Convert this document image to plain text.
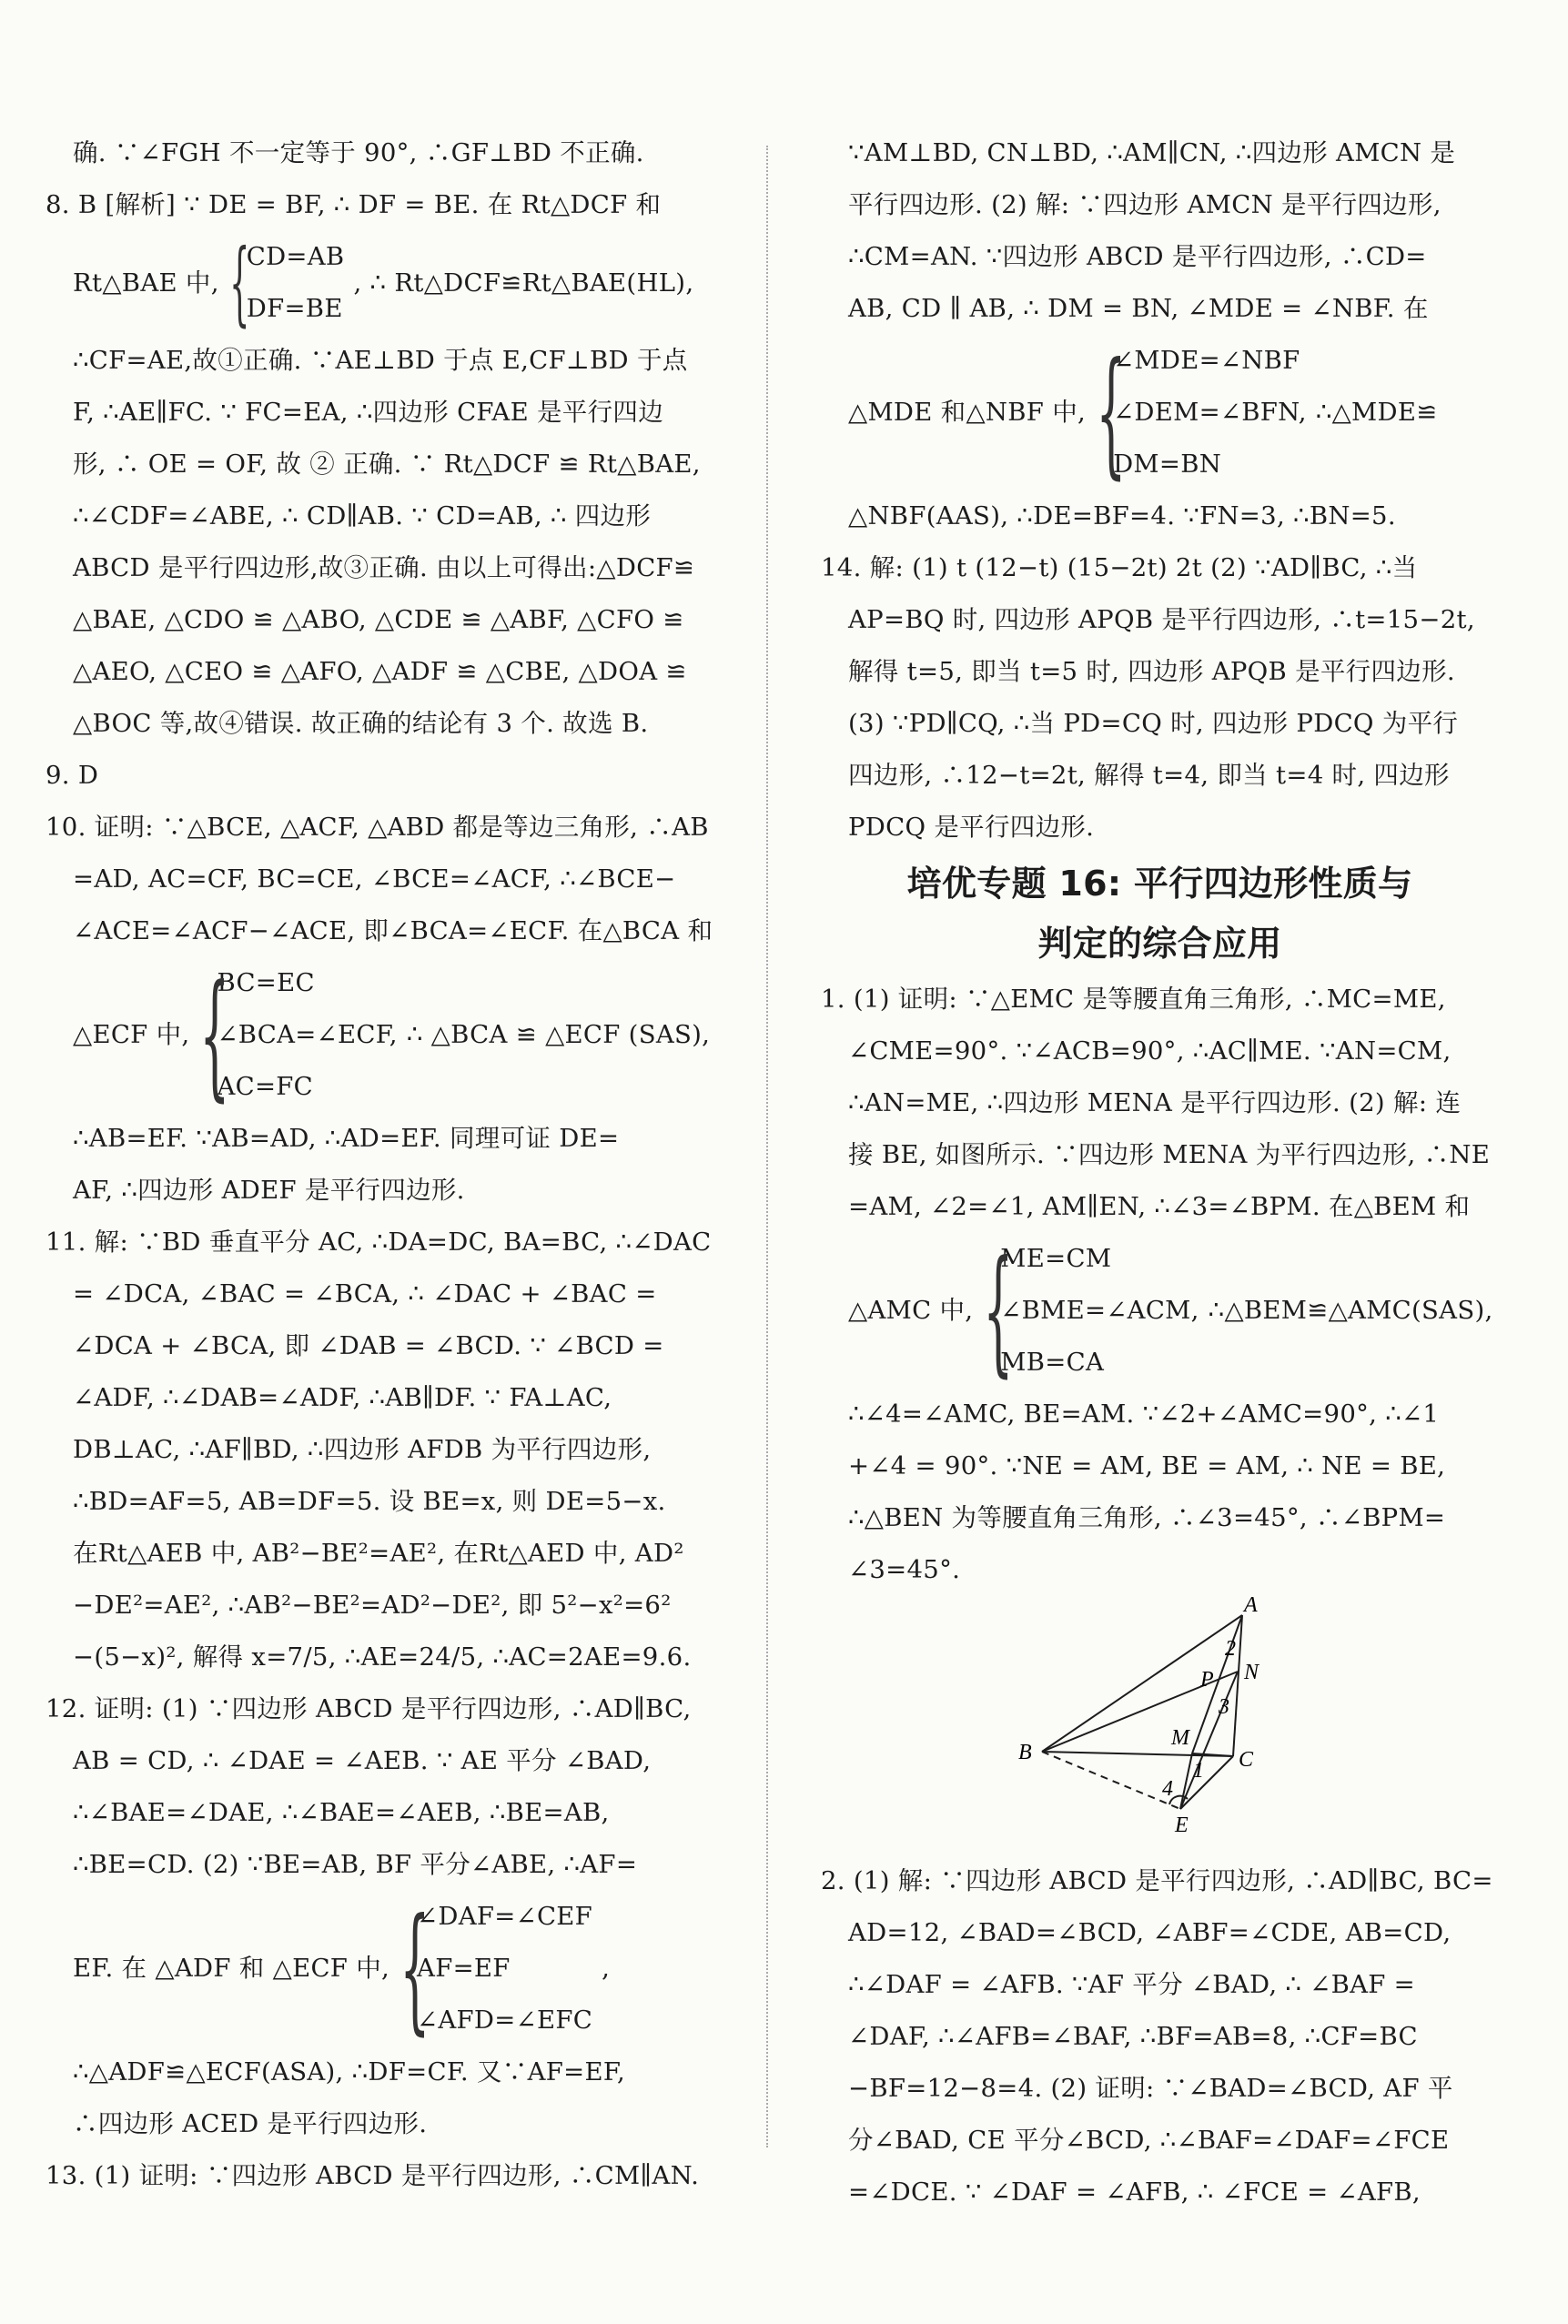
确. ∵∠FGH 不一定等于 90°, ∴GF⊥BD 不正确.
8. B [解析] ∵ DE = BF, ∴ DF = BE. 在 Rt△DCF 和
Rt△BAE 中, {
CD=AB
DF=BE
, ∴ Rt△DCF≌Rt△BAE(HL),
∴CF=AE,故①正确. ∵AE⊥BD 于点 E,CF⊥BD 于点
F, ∴AE∥FC. ∵ FC=EA, ∴四边形 CFAE 是平行四边
形, ∴ OE = OF, 故 ② 正确. ∵ Rt△DCF ≌ Rt△BAE,
∴∠CDF=∠ABE, ∴ CD∥AB. ∵ CD=AB, ∴ 四边形
ABCD 是平行四边形,故③正确. 由以上可得出:△DCF≌
△BAE, △CDO ≌ △ABO, △CDE ≌ △ABF, △CFO ≌
△AEO, △CEO ≌ △AFO, △ADF ≌ △CBE, △DOA ≌
△BOC 等,故④错误. 故正确的结论有 3 个. 故选 B.
9. D
10. 证明: ∵△BCE, △ACF, △ABD 都是等边三角形, ∴AB
=AD, AC=CF, BC=CE, ∠BCE=∠ACF, ∴∠BCE−
∠ACE=∠ACF−∠ACE, 即∠BCA=∠ECF. 在△BCA 和
△ECF 中, {
BC=EC
∠BCA=∠ECF,
AC=FC
∴ △BCA ≌ △ECF (SAS),
∴AB=EF. ∵AB=AD, ∴AD=EF. 同理可证 DE=
AF, ∴四边形 ADEF 是平行四边形.
11. 解: ∵BD 垂直平分 AC, ∴DA=DC, BA=BC, ∴∠DAC
= ∠DCA, ∠BAC = ∠BCA, ∴ ∠DAC + ∠BAC =
∠DCA + ∠BCA, 即 ∠DAB = ∠BCD. ∵ ∠BCD =
∠ADF, ∴∠DAB=∠ADF, ∴AB∥DF. ∵ FA⊥AC,
DB⊥AC, ∴AF∥BD, ∴四边形 AFDB 为平行四边形,
∴BD=AF=5, AB=DF=5. 设 BE=x, 则 DE=5−x.
在Rt△AEB 中, AB²−BE²=AE², 在Rt△AED 中, AD²
−DE²=AE², ∴AB²−BE²=AD²−DE², 即 5²−x²=6²
−(5−x)², 解得 x=7/5, ∴AE=24/5, ∴AC=2AE=9.6.
12. 证明: (1) ∵四边形 ABCD 是平行四边形, ∴AD∥BC,
AB = CD, ∴ ∠DAE = ∠AEB. ∵ AE 平分 ∠BAD,
∴∠BAE=∠DAE, ∴∠BAE=∠AEB, ∴BE=AB,
∴BE=CD. (2) ∵BE=AB, BF 平分∠ABE, ∴AF=
EF. 在 △ADF 和 △ECF 中, {
∠DAF=∠CEF
AF=EF
∠AFD=∠EFC
,
∴△ADF≌△ECF(ASA), ∴DF=CF. 又∵AF=EF,
∴四边形 ACED 是平行四边形.
13. (1) 证明: ∵四边形 ABCD 是平行四边形, ∴CM∥AN.
∵AM⊥BD, CN⊥BD, ∴AM∥CN, ∴四边形 AMCN 是
平行四边形. (2) 解: ∵四边形 AMCN 是平行四边形,
∴CM=AN. ∵四边形 ABCD 是平行四边形, ∴CD=
AB, CD ∥ AB, ∴ DM = BN, ∠MDE = ∠NBF. 在
△MDE 和△NBF 中, {
∠MDE=∠NBF
∠DEM=∠BFN,
DM=BN
∴△MDE≌
△NBF(AAS), ∴DE=BF=4. ∵FN=3, ∴BN=5.
14. 解: (1) t (12−t) (15−2t) 2t (2) ∵AD∥BC, ∴当
AP=BQ 时, 四边形 APQB 是平行四边形, ∴t=15−2t,
解得 t=5, 即当 t=5 时, 四边形 APQB 是平行四边形.
(3) ∵PD∥CQ, ∴当 PD=CQ 时, 四边形 PDCQ 为平行
四边形, ∴12−t=2t, 解得 t=4, 即当 t=4 时, 四边形
PDCQ 是平行四边形.
培优专题 16: 平行四边形性质与
判定的综合应用
1. (1) 证明: ∵△EMC 是等腰直角三角形, ∴MC=ME,
∠CME=90°. ∵∠ACB=90°, ∴AC∥ME. ∵AN=CM,
∴AN=ME, ∴四边形 MENA 是平行四边形. (2) 解: 连
接 BE, 如图所示. ∵四边形 MENA 为平行四边形, ∴NE
=AM, ∠2=∠1, AM∥EN, ∴∠3=∠BPM. 在△BEM 和
△AMC 中, {
ME=CM
∠BME=∠ACM,
MB=CA
∴△BEM≌△AMC(SAS),
∴∠4=∠AMC, BE=AM. ∵∠2+∠AMC=90°, ∴∠1
+∠4 = 90°. ∵NE = AM, BE = AM, ∴ NE = BE,
∴△BEN 为等腰直角三角形, ∴∠3=45°, ∴∠BPM=
∠3=45°.
2. (1) 解: ∵四边形 ABCD 是平行四边形, ∴AD∥BC, BC=
AD=12, ∠BAD=∠BCD, ∠ABF=∠CDE, AB=CD,
∴∠DAF = ∠AFB. ∵AF 平分 ∠BAD, ∴ ∠BAF =
∠DAF, ∴∠AFB=∠BAF, ∴BF=AB=8, ∴CF=BC
−BF=12−8=4. (2) 证明: ∵∠BAD=∠BCD, AF 平
分∠BAD, CE 平分∠BCD, ∴∠BAF=∠DAF=∠FCE
=∠DCE. ∵ ∠DAF = ∠AFB, ∴ ∠FCE = ∠AFB,
A
B	C
E
M
N
P
2
3
1
4
